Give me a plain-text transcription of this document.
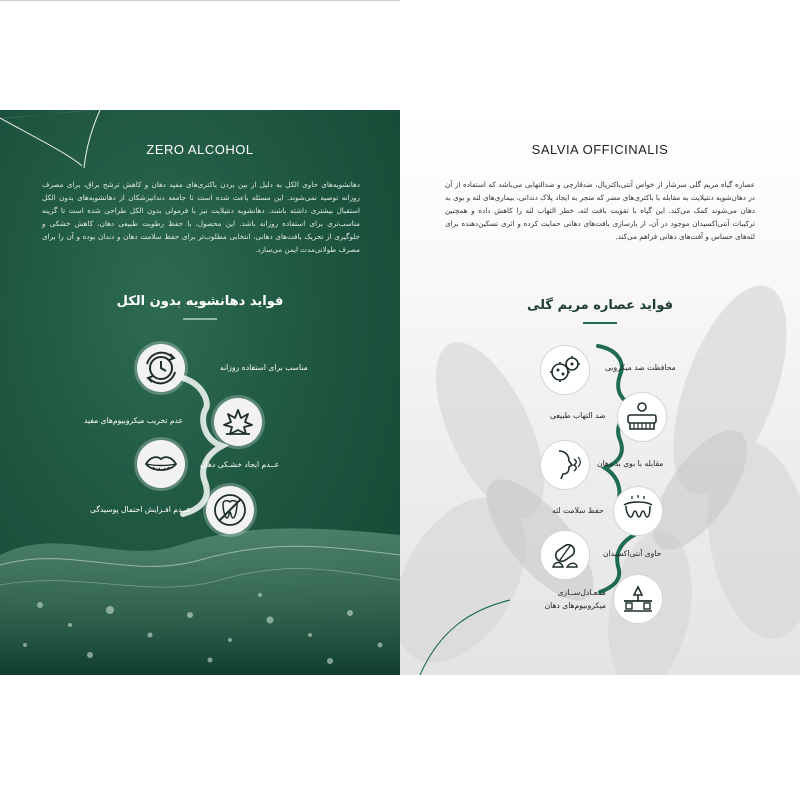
ZERO ALCOHOL
دهانشویه‌های حاوی الکل به دلیل از بین بردن باکتری‌های مفید دهان و کاهش ترشح بزاق، برای مصرف روزانه توصیه نمی‌شوند. این مسئله باعث شده است تا جامعه دندانپزشکان از دهانشویه‌های بدون الکل استقبال بیشتری داشته باشند. دهانشویه دنتیلایت نیز با فرمولی بدون الکل طراحی شده است تا گزینه مناسب‌تری برای استفاده روزانه باشد. این محصول، با حفظ رطوبت طبیعی دهان، کاهش خشکی و جلوگیری از تحریک بافت‌های دهانی، انتخابی مطلوب‌تر برای حفظ سلامت دهان و دندان بوده و آن را برای مصرف طولانی‌مدت ایمن می‌سازد.
فواید دهانشویه بدون الکل
مناسب برای استفاده روزانه
عدم تخریب میکروبیوم‌های مفید
عــدم ایجاد خشـکی دهان
عــدم افـزایش احتمال پوسیدگی
SALVIA OFFICINALIS
عصاره گیاه مریم گلی سرشار از خواص آنتی‌باکتریال، ضدقارچی و ضدالتهابی می‌باشد که استفاده از آن در دهان‌شویه دنتیلایت به مقابله با باکتری‌های مضر که منجر به ایجاد پلاک دندانی، بیماری‌های لثه و بوی بد دهان می‌شوند کمک می‌کند. این گیاه با تقویت بافت لثه، خطر التهاب لثه را کاهش داده و همچنین ترکیبات آنتی‌اکسیدان موجود در آن، از بازسازی بافت‌های دهانی حمایت کرده و اثری تسکین‌دهنده برای لثه‌های حساس و آفت‌های دهانی فراهم می‌کند.
فواید عصاره مریم گلی
محافظت ضد میکروبی
ضد التهاب طبیعی
مقابله با بوی بد دهان
حفظ سلامت لثه
حاوی آنتی‌اکسیدان
متـعـادل‌ســازی میکروبیوم‌های دهان
